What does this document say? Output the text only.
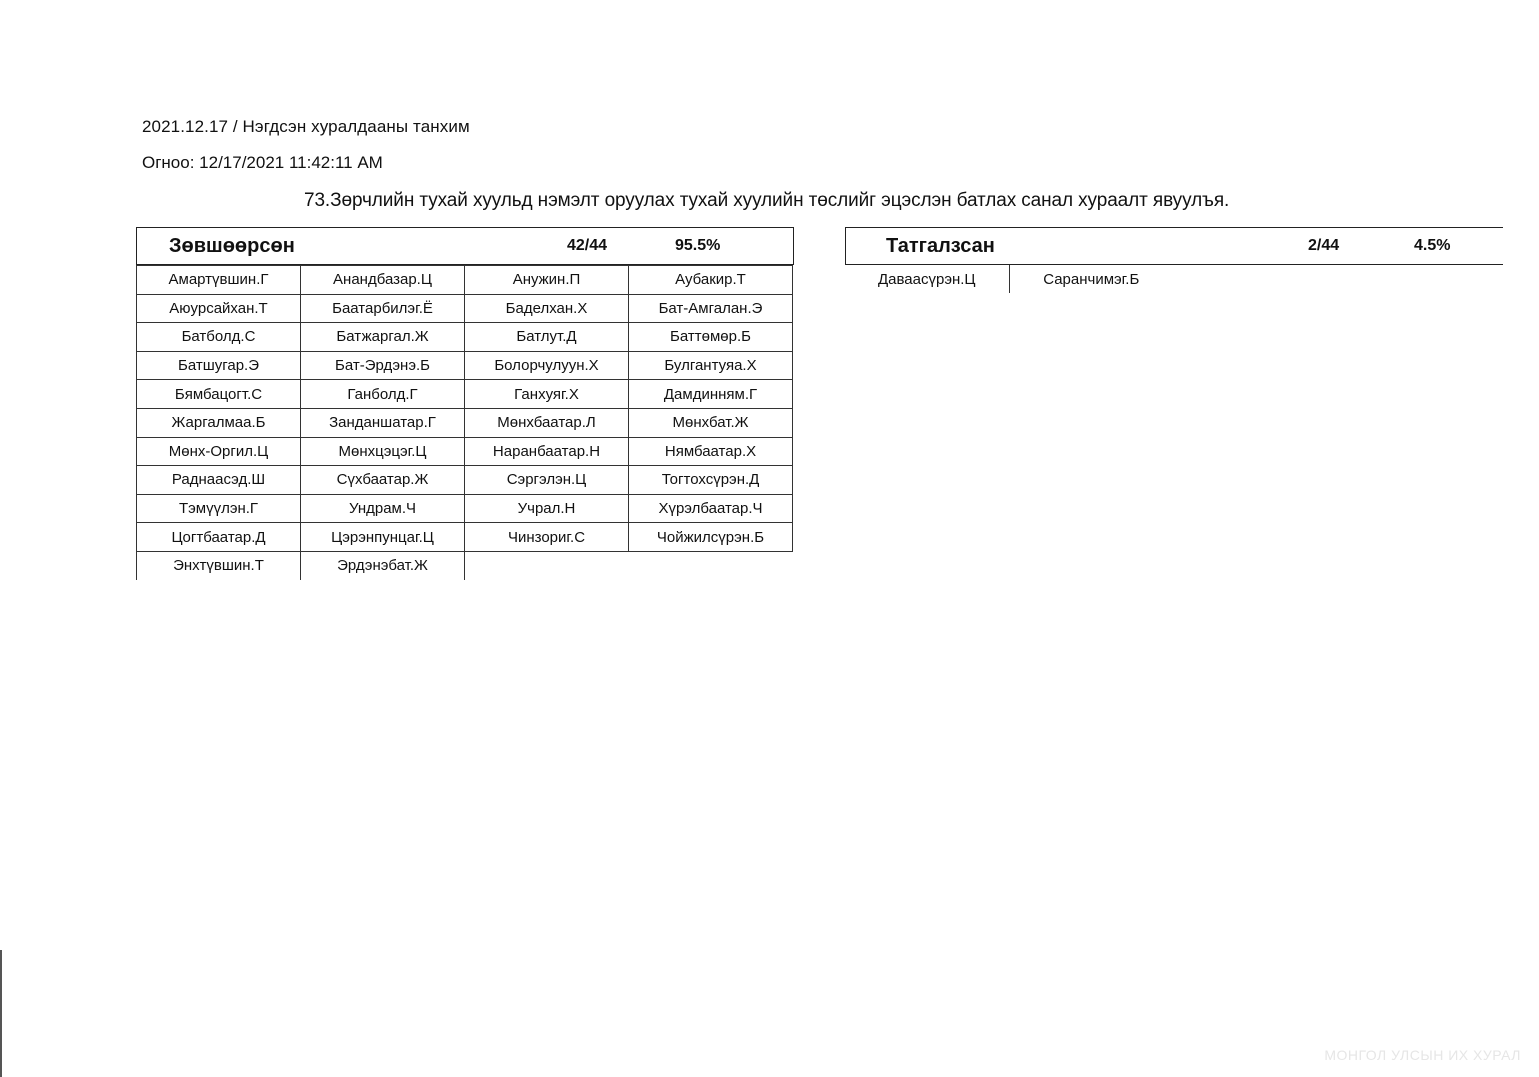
2021.12.17 / Нэгдсэн хуралдааны танхим
Огноо: 12/17/2021 11:42:11 AM
73.Зөрчлийн тухай хуульд нэмэлт оруулах тухай хуулийн төслийг эцэслэн батлах санал хураалт явуулъя.
Зөвшөөрсөн	42/44	95.5%
Амартүвшин.Г	Анандбазар.Ц	Анужин.П	Аубакир.Т
Аюурсайхан.Т	Баатарбилэг.Ё	Баделхан.Х	Бат-Амгалан.Э
Батболд.С	Батжаргал.Ж	Батлут.Д	Баттөмөр.Б
Батшугар.Э	Бат-Эрдэнэ.Б	Болорчулуун.Х	Булгантуяа.Х
Бямбацогт.С	Ганболд.Г	Ганхуяг.Х	Дамдинням.Г
Жаргалмаа.Б	Занданшатар.Г	Мөнхбаатар.Л	Мөнхбат.Ж
Мөнх-Оргил.Ц	Мөнхцэцэг.Ц	Наранбаатар.Н	Нямбаатар.Х
Раднаасэд.Ш	Сүхбаатар.Ж	Сэргэлэн.Ц	Тогтохсүрэн.Д
Тэмүүлэн.Г	Ундрам.Ч	Учрал.Н	Хүрэлбаатар.Ч
Цогтбаатар.Д	Цэрэнпунцаг.Ц	Чинзориг.С	Чойжилсүрэн.Б
Энхтүвшин.Т	Эрдэнэбат.Ж		
Татгалзсан	2/44	4.5%
Даваасүрэн.Ц	Саранчимэг.Б
МОНГОЛ УЛСЫН ИХ ХУРАЛ
